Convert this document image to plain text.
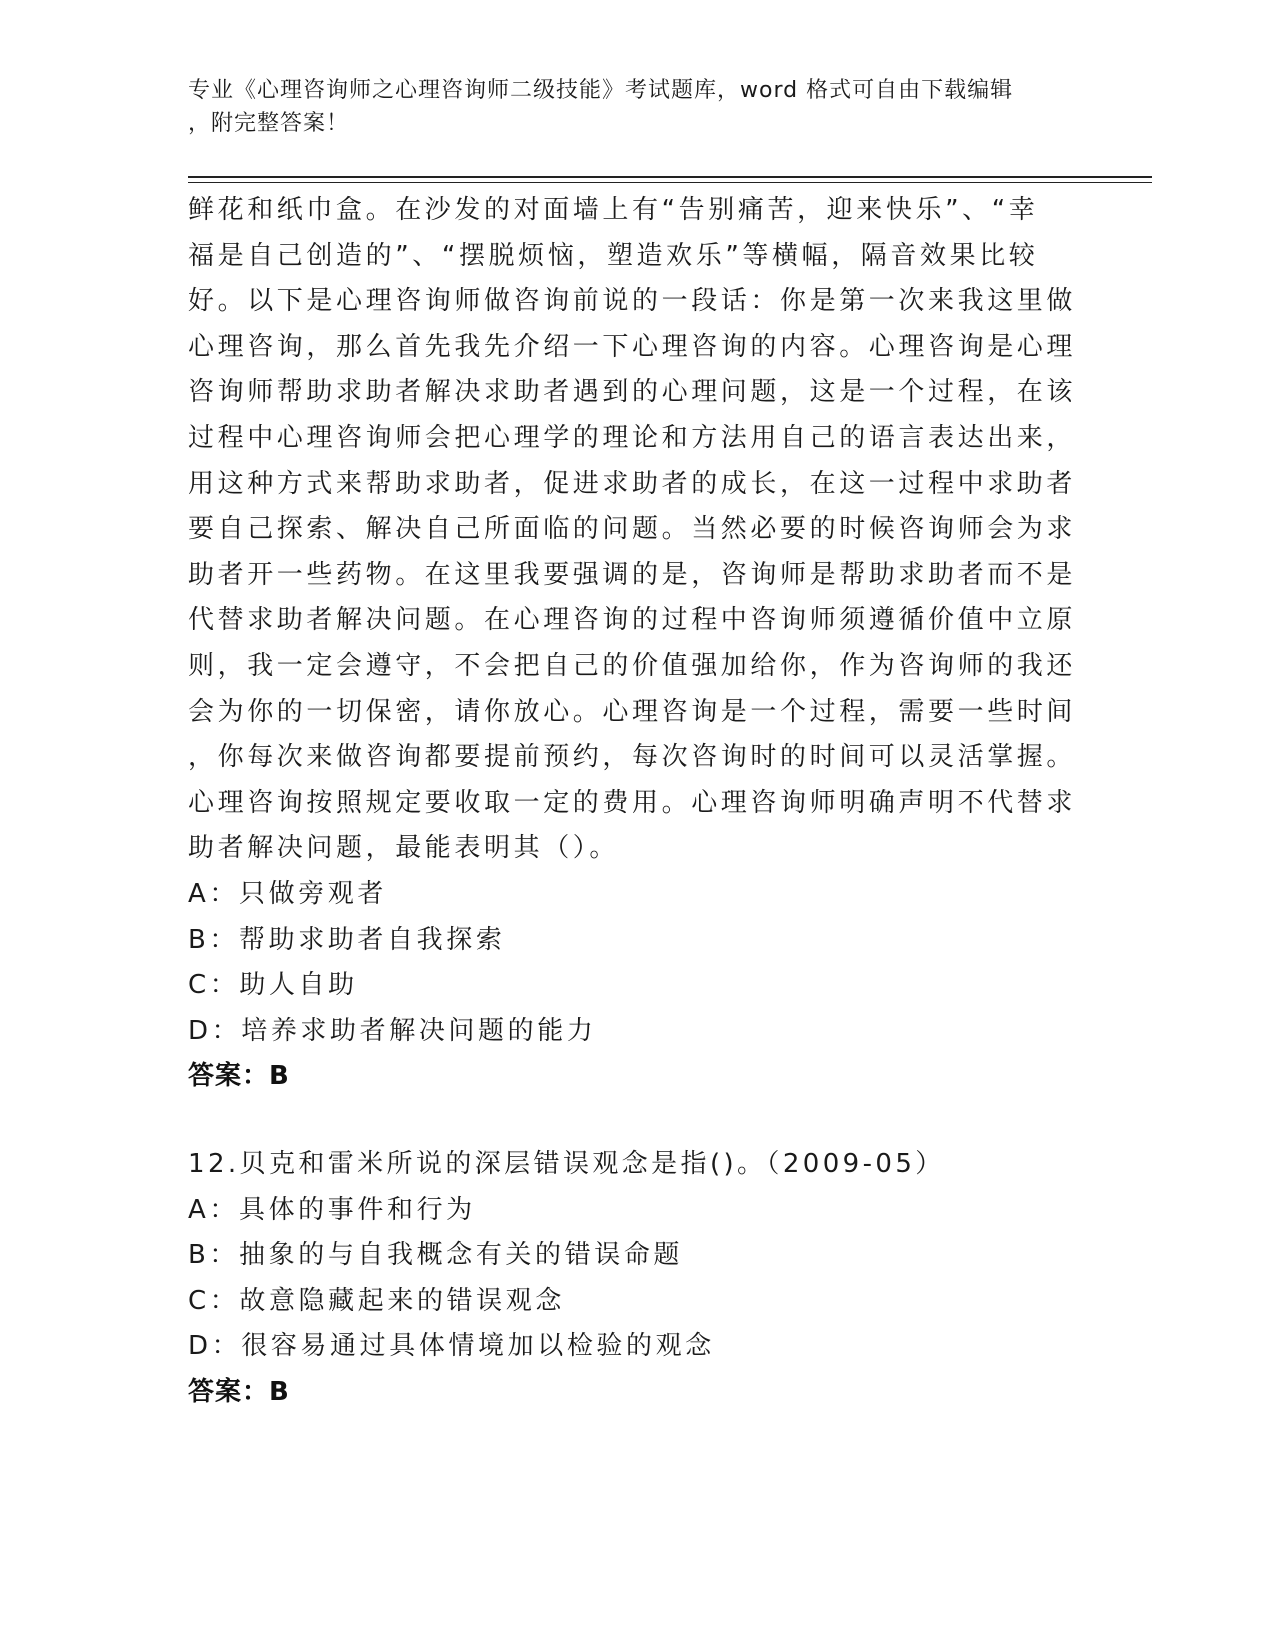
专业《心理咨询师之心理咨询师二级技能》考试题库，word 格式可自由下载编辑
，附完整答案！
鲜花和纸巾盒。在沙发的对面墙上有“告别痛苦，迎来快乐”、“幸
福是自己创造的”、“摆脱烦恼，塑造欢乐”等横幅，隔音效果比较
好。以下是心理咨询师做咨询前说的一段话：你是第一次来我这里做
心理咨询，那么首先我先介绍一下心理咨询的内容。心理咨询是心理
咨询师帮助求助者解决求助者遇到的心理问题，这是一个过程，在该
过程中心理咨询师会把心理学的理论和方法用自己的语言表达出来，
用这种方式来帮助求助者，促进求助者的成长，在这一过程中求助者
要自己探索、解决自己所面临的问题。当然必要的时候咨询师会为求
助者开一些药物。在这里我要强调的是，咨询师是帮助求助者而不是
代替求助者解决问题。在心理咨询的过程中咨询师须遵循价值中立原
则，我一定会遵守，不会把自己的价值强加给你，作为咨询师的我还
会为你的一切保密，请你放心。心理咨询是一个过程，需要一些时间
，你每次来做咨询都要提前预约，每次咨询时的时间可以灵活掌握。
心理咨询按照规定要收取一定的费用。心理咨询师明确声明不代替求
助者解决问题，最能表明其（）。
A：只做旁观者
B：帮助求助者自我探索
C：助人自助
D：培养求助者解决问题的能力
答案：B
12.贝克和雷米所说的深层错误观念是指()。（2009-05）
A：具体的事件和行为
B：抽象的与自我概念有关的错误命题
C：故意隐藏起来的错误观念
D：很容易通过具体情境加以检验的观念
答案：B
